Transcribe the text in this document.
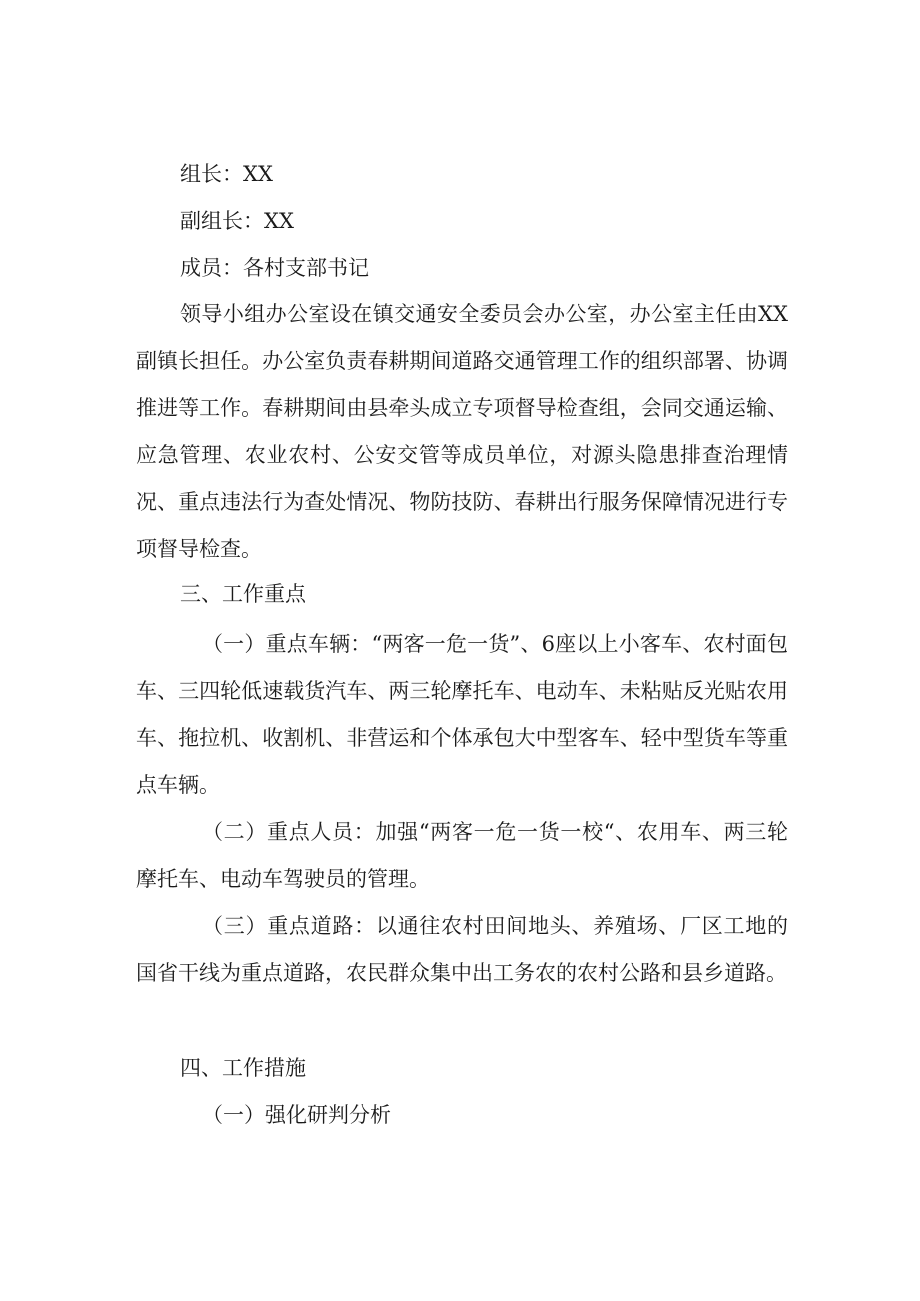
组长：XX
副组长：XX
成员：各村支部书记
领导小组办公室设在镇交通安全委员会办公室，办公室主任由XX副镇长担任。办公室负责春耕期间道路交通管理工作的组织部署、协调推进等工作。春耕期间由县牵头成立专项督导检查组，会同交通运输、应急管理、农业农村、公安交管等成员单位，对源头隐患排查治理情况、重点违法行为查处情况、物防技防、春耕出行服务保障情况进行专项督导检查。
三、工作重点
（一）重点车辆：“两客一危一货”、6座以上小客车、农村面包车、三四轮低速载货汽车、两三轮摩托车、电动车、未粘贴反光贴农用车、拖拉机、收割机、非营运和个体承包大中型客车、轻中型货车等重点车辆。
（二）重点人员：加强“两客一危一货一校“、农用车、两三轮摩托车、电动车驾驶员的管理。
（三）重点道路：以通往农村田间地头、养殖场、厂区工地的国省干线为重点道路，农民群众集中出工务农的农村公路和县乡道路。
四、工作措施
（一）强化研判分析
